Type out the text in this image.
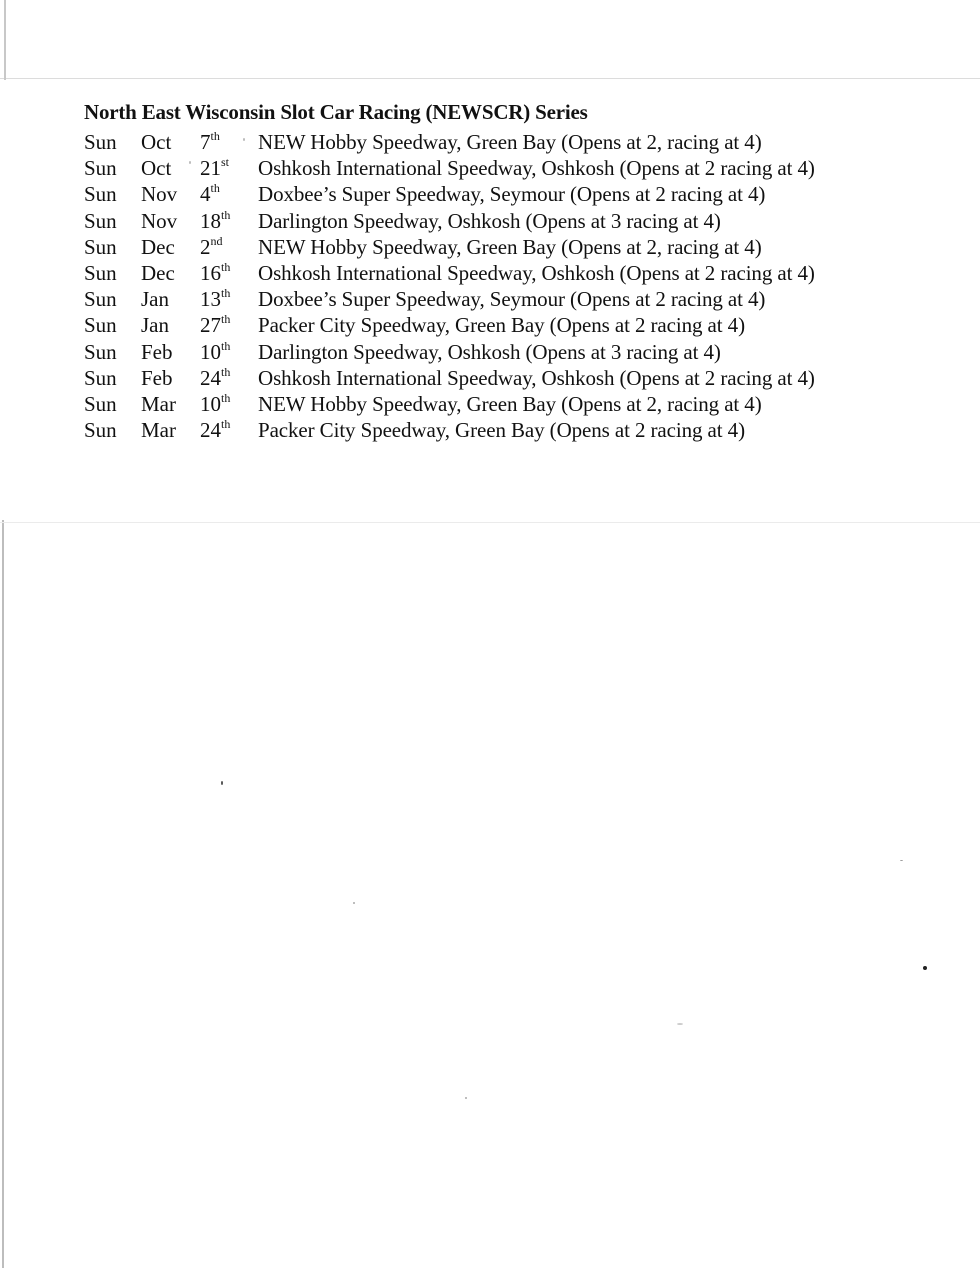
North East Wisconsin Slot Car Racing (NEWSCR) Series
Sun Oct 7th NEW Hobby Speedway, Green Bay (Opens at 2, racing at 4)
Sun Oct 21st Oshkosh International Speedway, Oshkosh (Opens at 2 racing at 4)
Sun Nov 4th Doxbee’s Super Speedway, Seymour (Opens at 2 racing at 4)
Sun Nov 18th Darlington Speedway, Oshkosh (Opens at 3 racing at 4)
Sun Dec 2nd NEW Hobby Speedway, Green Bay (Opens at 2, racing at 4)
Sun Dec 16th Oshkosh International Speedway, Oshkosh (Opens at 2 racing at 4)
Sun Jan 13th Doxbee’s Super Speedway, Seymour (Opens at 2 racing at 4)
Sun Jan 27th Packer City Speedway, Green Bay (Opens at 2 racing at 4)
Sun Feb 10th Darlington Speedway, Oshkosh (Opens at 3 racing at 4)
Sun Feb 24th Oshkosh International Speedway, Oshkosh (Opens at 2 racing at 4)
Sun Mar 10th NEW Hobby Speedway, Green Bay (Opens at 2, racing at 4)
Sun Mar 24th Packer City Speedway, Green Bay (Opens at 2 racing at 4)
